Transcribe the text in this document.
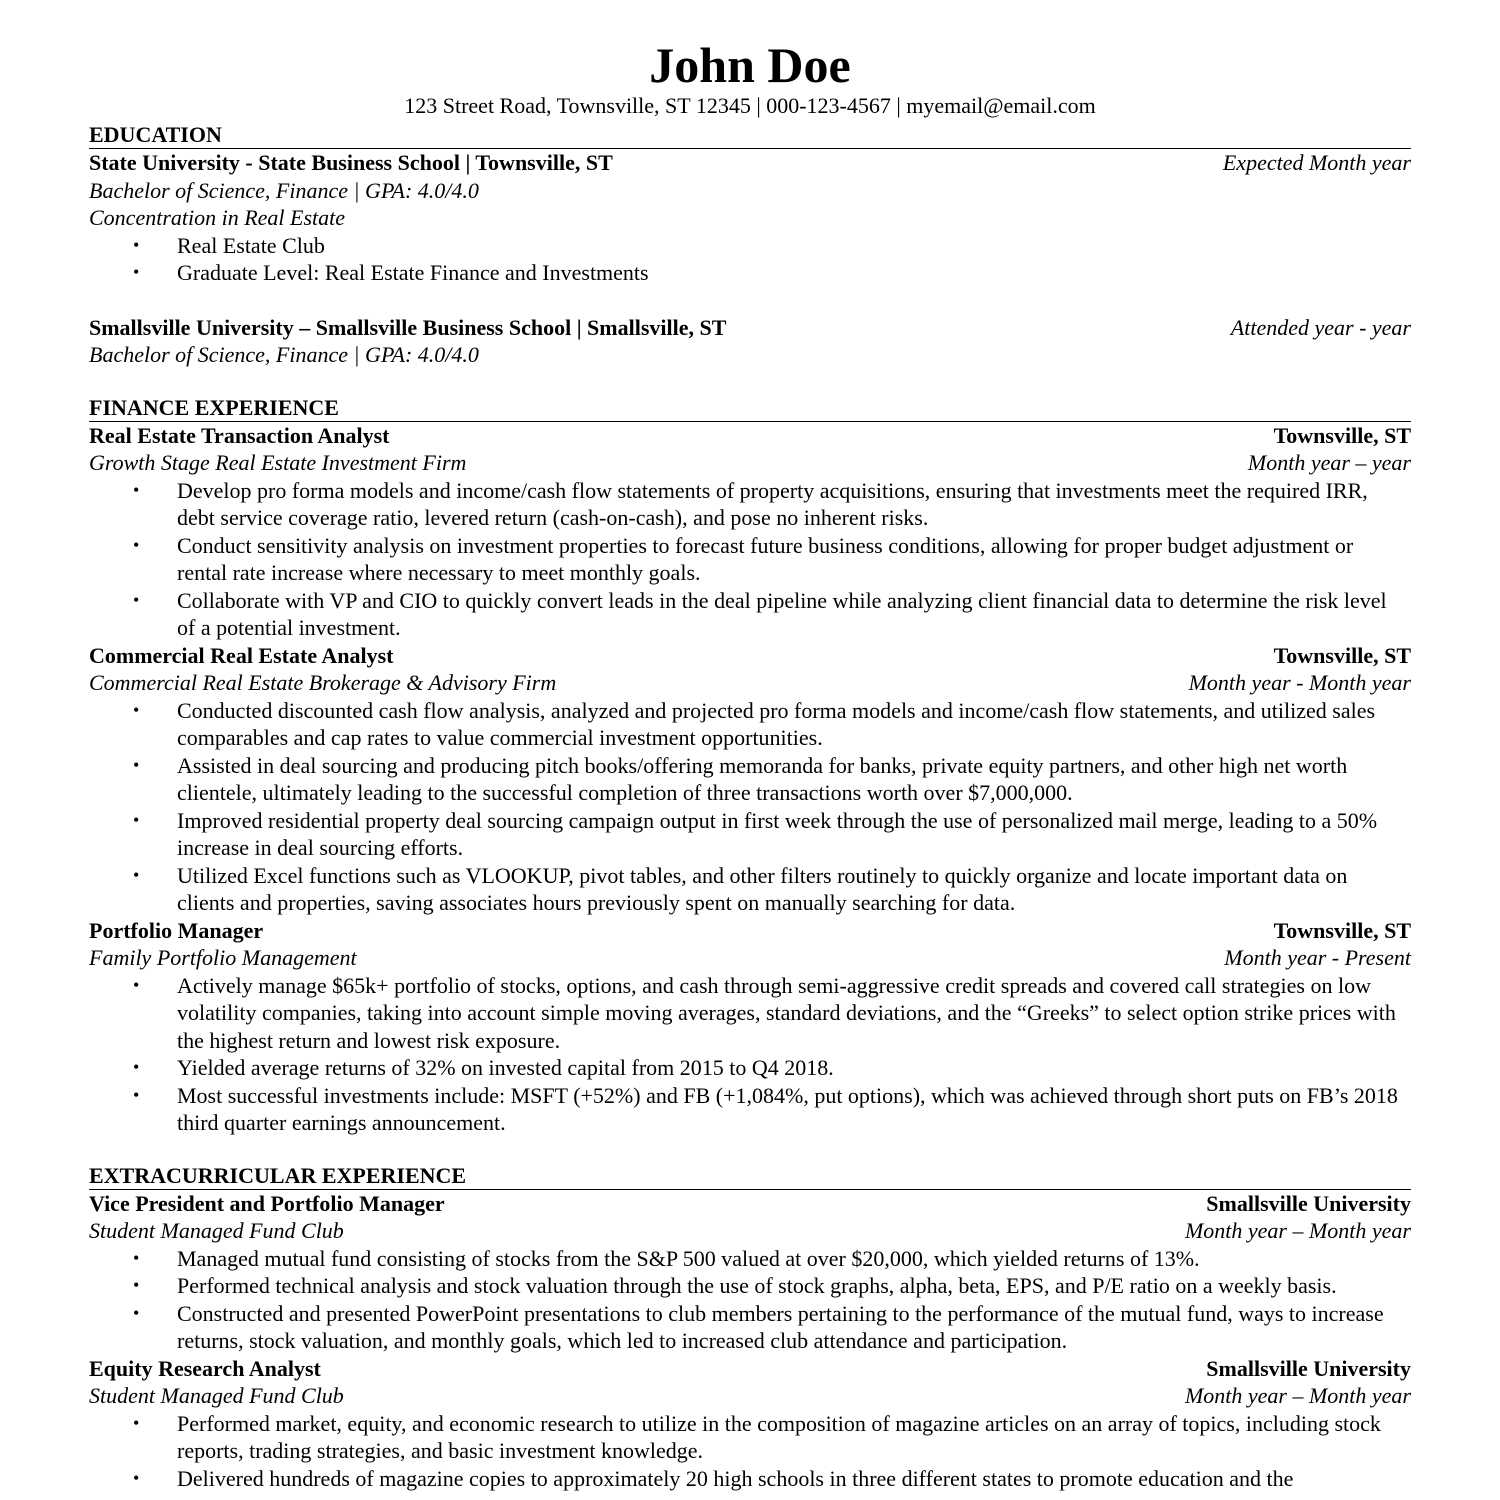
John Doe
123 Street Road, Townsville, ST 12345 | 000-123-4567 | myemail@email.com
EDUCATION
State University - State Business School | Townsville, ST	Expected Month year
Bachelor of Science, Finance | GPA: 4.0/4.0
Concentration in Real Estate
• Real Estate Club
• Graduate Level: Real Estate Finance and Investments
Smallsville University – Smallsville Business School | Smallsville, ST	Attended year - year
Bachelor of Science, Finance | GPA: 4.0/4.0
FINANCE EXPERIENCE
Real Estate Transaction Analyst	Townsville, ST
Growth Stage Real Estate Investment Firm	Month year – year
• Develop pro forma models and income/cash flow statements of property acquisitions, ensuring that investments meet the required IRR, debt service coverage ratio, levered return (cash-on-cash), and pose no inherent risks.
• Conduct sensitivity analysis on investment properties to forecast future business conditions, allowing for proper budget adjustment or rental rate increase where necessary to meet monthly goals.
• Collaborate with VP and CIO to quickly convert leads in the deal pipeline while analyzing client financial data to determine the risk level of a potential investment.
Commercial Real Estate Analyst	Townsville, ST
Commercial Real Estate Brokerage & Advisory Firm	Month year - Month year
• Conducted discounted cash flow analysis, analyzed and projected pro forma models and income/cash flow statements, and utilized sales comparables and cap rates to value commercial investment opportunities.
• Assisted in deal sourcing and producing pitch books/offering memoranda for banks, private equity partners, and other high net worth clientele, ultimately leading to the successful completion of three transactions worth over $7,000,000.
• Improved residential property deal sourcing campaign output in first week through the use of personalized mail merge, leading to a 50% increase in deal sourcing efforts.
• Utilized Excel functions such as VLOOKUP, pivot tables, and other filters routinely to quickly organize and locate important data on clients and properties, saving associates hours previously spent on manually searching for data.
Portfolio Manager	Townsville, ST
Family Portfolio Management	Month year - Present
• Actively manage $65k+ portfolio of stocks, options, and cash through semi-aggressive credit spreads and covered call strategies on low volatility companies, taking into account simple moving averages, standard deviations, and the “Greeks” to select option strike prices with the highest return and lowest risk exposure.
• Yielded average returns of 32% on invested capital from 2015 to Q4 2018.
• Most successful investments include: MSFT (+52%) and FB (+1,084%, put options), which was achieved through short puts on FB’s 2018 third quarter earnings announcement.
EXTRACURRICULAR EXPERIENCE
Vice President and Portfolio Manager	Smallsville University
Student Managed Fund Club	Month year – Month year
• Managed mutual fund consisting of stocks from the S&P 500 valued at over $20,000, which yielded returns of 13%.
• Performed technical analysis and stock valuation through the use of stock graphs, alpha, beta, EPS, and P/E ratio on a weekly basis.
• Constructed and presented PowerPoint presentations to club members pertaining to the performance of the mutual fund, ways to increase returns, stock valuation, and monthly goals, which led to increased club attendance and participation.
Equity Research Analyst	Smallsville University
Student Managed Fund Club	Month year – Month year
• Performed market, equity, and economic research to utilize in the composition of magazine articles on an array of topics, including stock reports, trading strategies, and basic investment knowledge.
• Delivered hundreds of magazine copies to approximately 20 high schools in three different states to promote education and the
